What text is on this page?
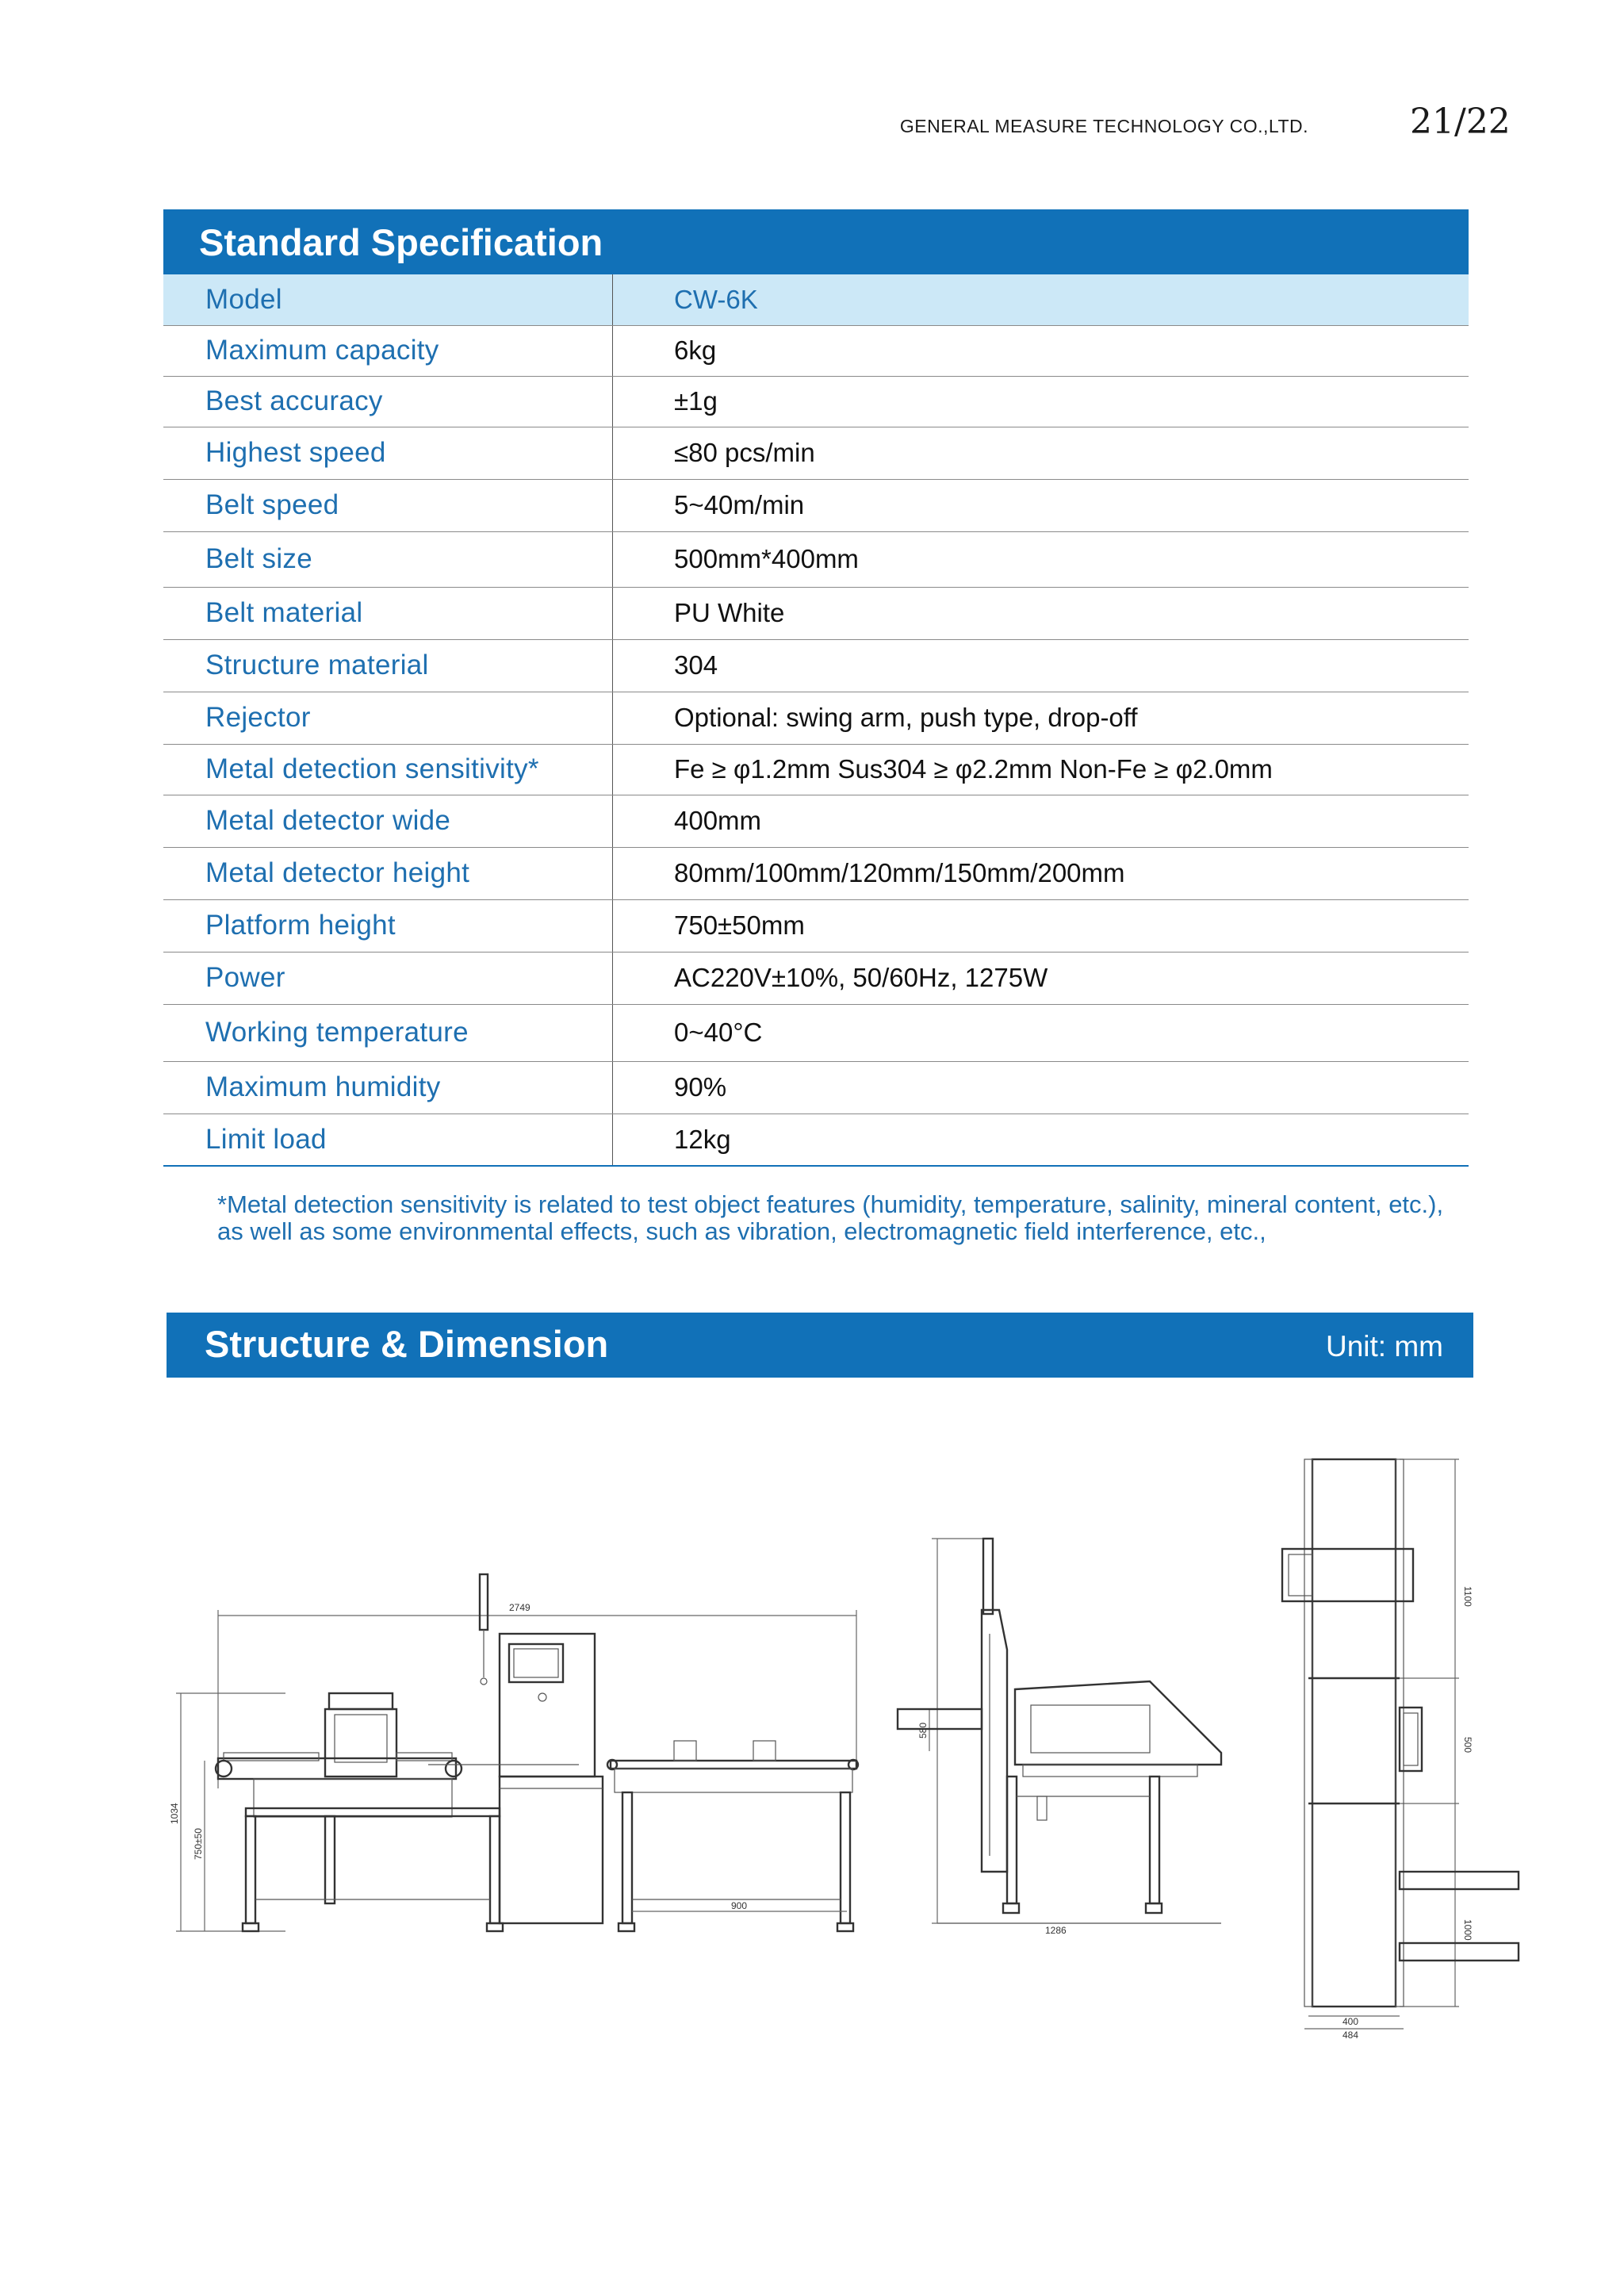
GENERAL MEASURE TECHNOLOGY CO.,LTD.	21/22
Standard Specification
Model	CW-6K
Maximum capacity	6kg
Best accuracy	±1g
Highest speed	≤80 pcs/min
Belt speed	5~40m/min
Belt size	500mm*400mm
Belt material	PU White
Structure material	304
Rejector	Optional: swing arm, push type, drop-off
Metal detection sensitivity*	Fe ≥ φ1.2mm Sus304 ≥ φ2.2mm Non-Fe ≥ φ2.0mm
Metal detector wide	400mm
Metal detector height	80mm/100mm/120mm/150mm/200mm
Platform height	750±50mm
Power	AC220V±10%, 50/60Hz, 1275W
Working temperature	0~40°C
Maximum humidity	90%
Limit load	12kg
*Metal detection sensitivity is related to test object features (humidity, temperature, salinity, mineral content, etc.), as well as some environmental effects, such as vibration, electromagnetic field interference, etc.,
Structure & Dimension	Unit: mm
2749
1034
750±50
900
1286
580
1100
500
1000
400
484
